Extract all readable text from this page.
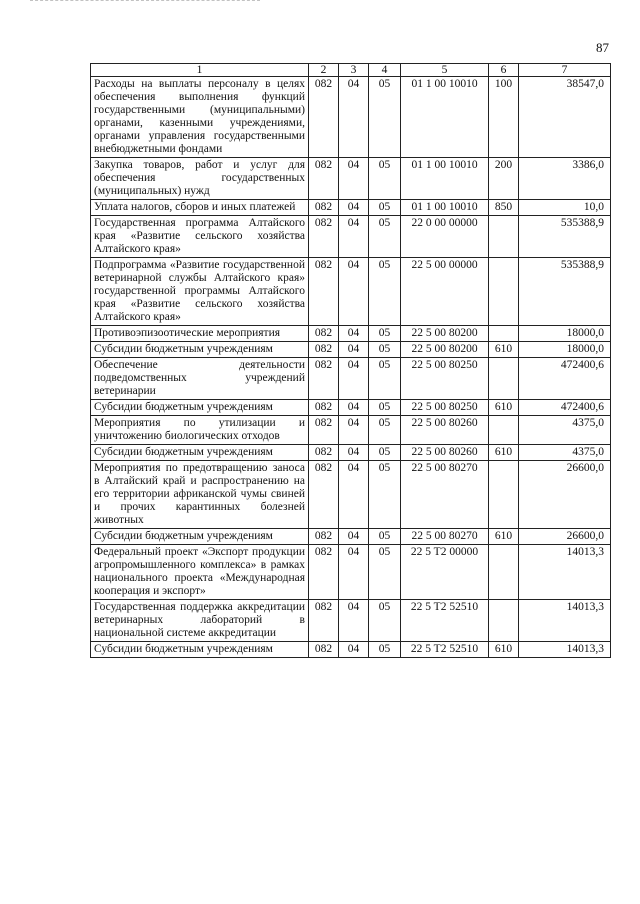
87
1	2	3	4	5	6	7
Расходы на выплаты персоналу в целях обеспечения выполнения функций государственными (муниципальными) органами, казенными учреждениями, органами управления государственными внебюджетными фондами	082	04	05	01 1 00 10010	100	38547,0
Закупка товаров, работ и услуг для обеспечения государственных (муниципальных) нужд	082	04	05	01 1 00 10010	200	3386,0
Уплата налогов, сборов и иных платежей	082	04	05	01 1 00 10010	850	10,0
Государственная программа Алтайского края «Развитие сельского хозяйства Алтайского края»	082	04	05	22 0 00 00000		535388,9
Подпрограмма «Развитие государственной ветеринарной службы Алтайского края» государственной программы Алтайского края «Развитие сельского хозяйства Алтайского края»	082	04	05	22 5 00 00000		535388,9
Противоэпизоотические мероприятия	082	04	05	22 5 00 80200		18000,0
Субсидии бюджетным учреждениям	082	04	05	22 5 00 80200	610	18000,0
Обеспечение деятельности подведомственных учреждений ветеринарии	082	04	05	22 5 00 80250		472400,6
Субсидии бюджетным учреждениям	082	04	05	22 5 00 80250	610	472400,6
Мероприятия по утилизации и уничтожению биологических отходов	082	04	05	22 5 00 80260		4375,0
Субсидии бюджетным учреждениям	082	04	05	22 5 00 80260	610	4375,0
Мероприятия по предотвращению заноса в Алтайский край и распространению на его территории африканской чумы свиней и прочих карантинных болезней животных	082	04	05	22 5 00 80270		26600,0
Субсидии бюджетным учреждениям	082	04	05	22 5 00 80270	610	26600,0
Федеральный проект «Экспорт продукции агропромышленного комплекса» в рамках национального проекта «Международная кооперация и экспорт»	082	04	05	22 5 T2 00000		14013,3
Государственная поддержка аккредитации ветеринарных лабораторий в национальной системе аккредитации	082	04	05	22 5 T2 52510		14013,3
Субсидии бюджетным учреждениям	082	04	05	22 5 T2 52510	610	14013,3
